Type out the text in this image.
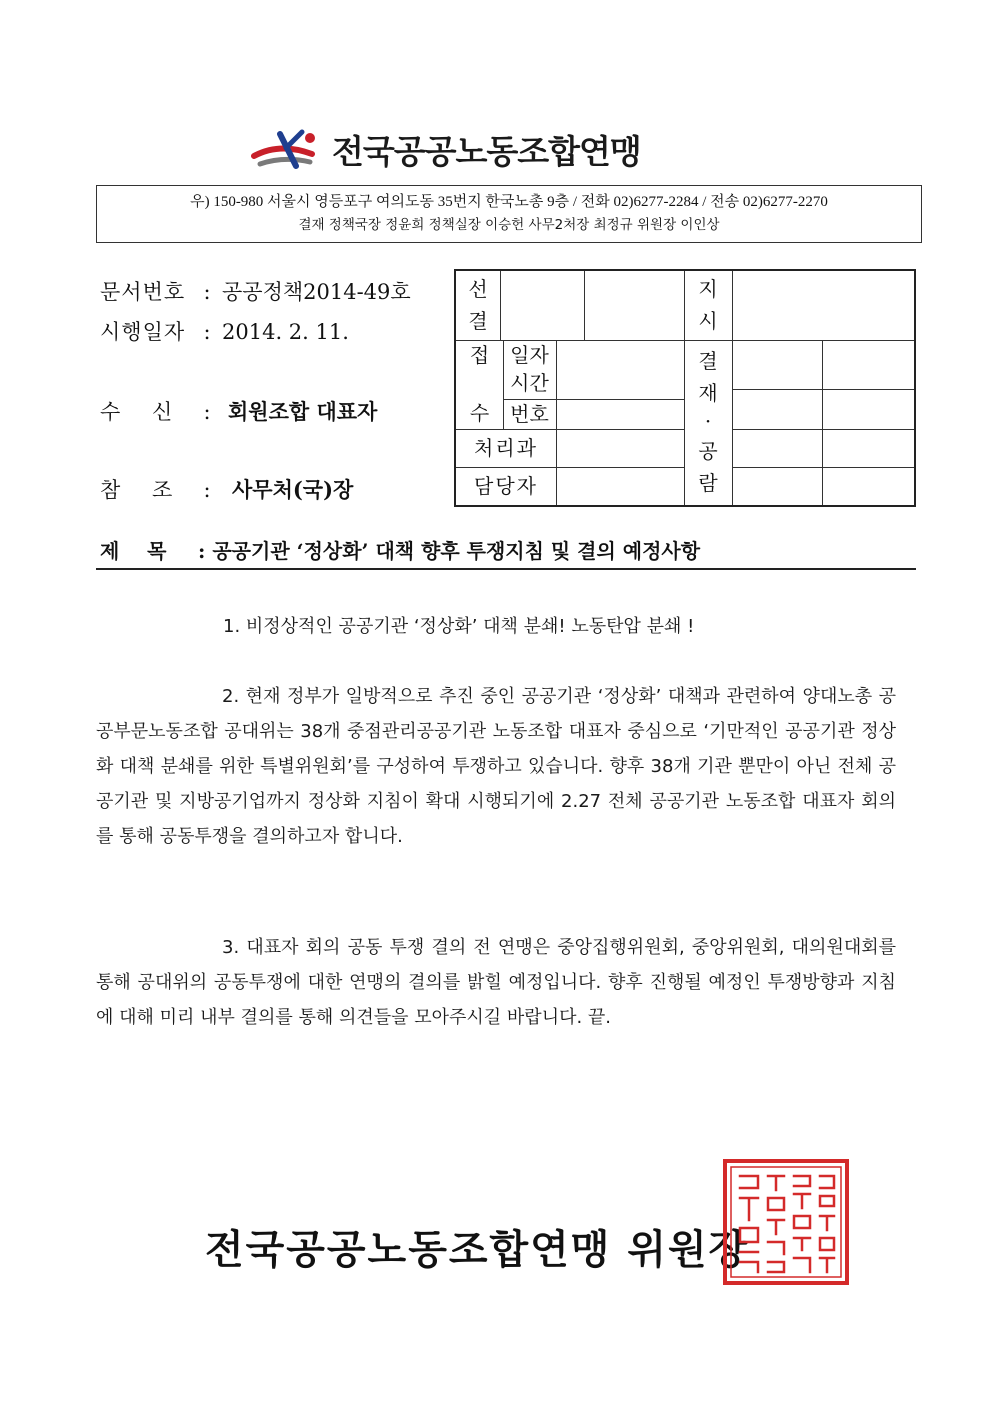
전국공공노동조합연맹
우) 150-980 서울시 영등포구 여의도동 35번지 한국노총 9층 / 전화 02)6277-2284 / 전송 02)6277-2270
결재 정책국장 정윤희 정책실장 이승헌 사무2처장 최정규 위원장 이인상
문서번호 : 공공정책2014-49호
시행일자 : 2014. 2. 11.
수    신 : 회원조합 대표자
참    조 : 사무처(국)장
선
결
지
시
접
수
일자
시간
번호
처리과
담당자
결
재
·
공
람
제    목 : 공공기관 ‘정상화’ 대책 향후 투쟁지침 및 결의 예정사항
1. 비정상적인 공공기관 ‘정상화’ 대책 분쇄! 노동탄압 분쇄 !
2. 현재 정부가 일방적으로 추진 중인 공공기관 ‘정상화’ 대책과 관련하여 양대노총 공공부문노동조합 공대위는 38개 중점관리공공기관 노동조합 대표자 중심으로 ‘기만적인 공공기관 정상화 대책 분쇄를 위한 특별위원회’를 구성하여 투쟁하고 있습니다. 향후 38개 기관 뿐만이 아닌 전체 공공기관 및 지방공기업까지 정상화 지침이 확대 시행되기에 2.27 전체 공공기관 노동조합 대표자 회의를 통해 공동투쟁을 결의하고자 합니다.
3. 대표자 회의 공동 투쟁 결의 전 연맹은 중앙집행위원회, 중앙위원회, 대의원대회를 통해 공대위의 공동투쟁에 대한 연맹의 결의를 밝힐 예정입니다. 향후 진행될 예정인 투쟁방향과 지침에 대해 미리 내부 결의를 통해 의견들을 모아주시길 바랍니다. 끝.
전국공공노동조합연맹 위원장
